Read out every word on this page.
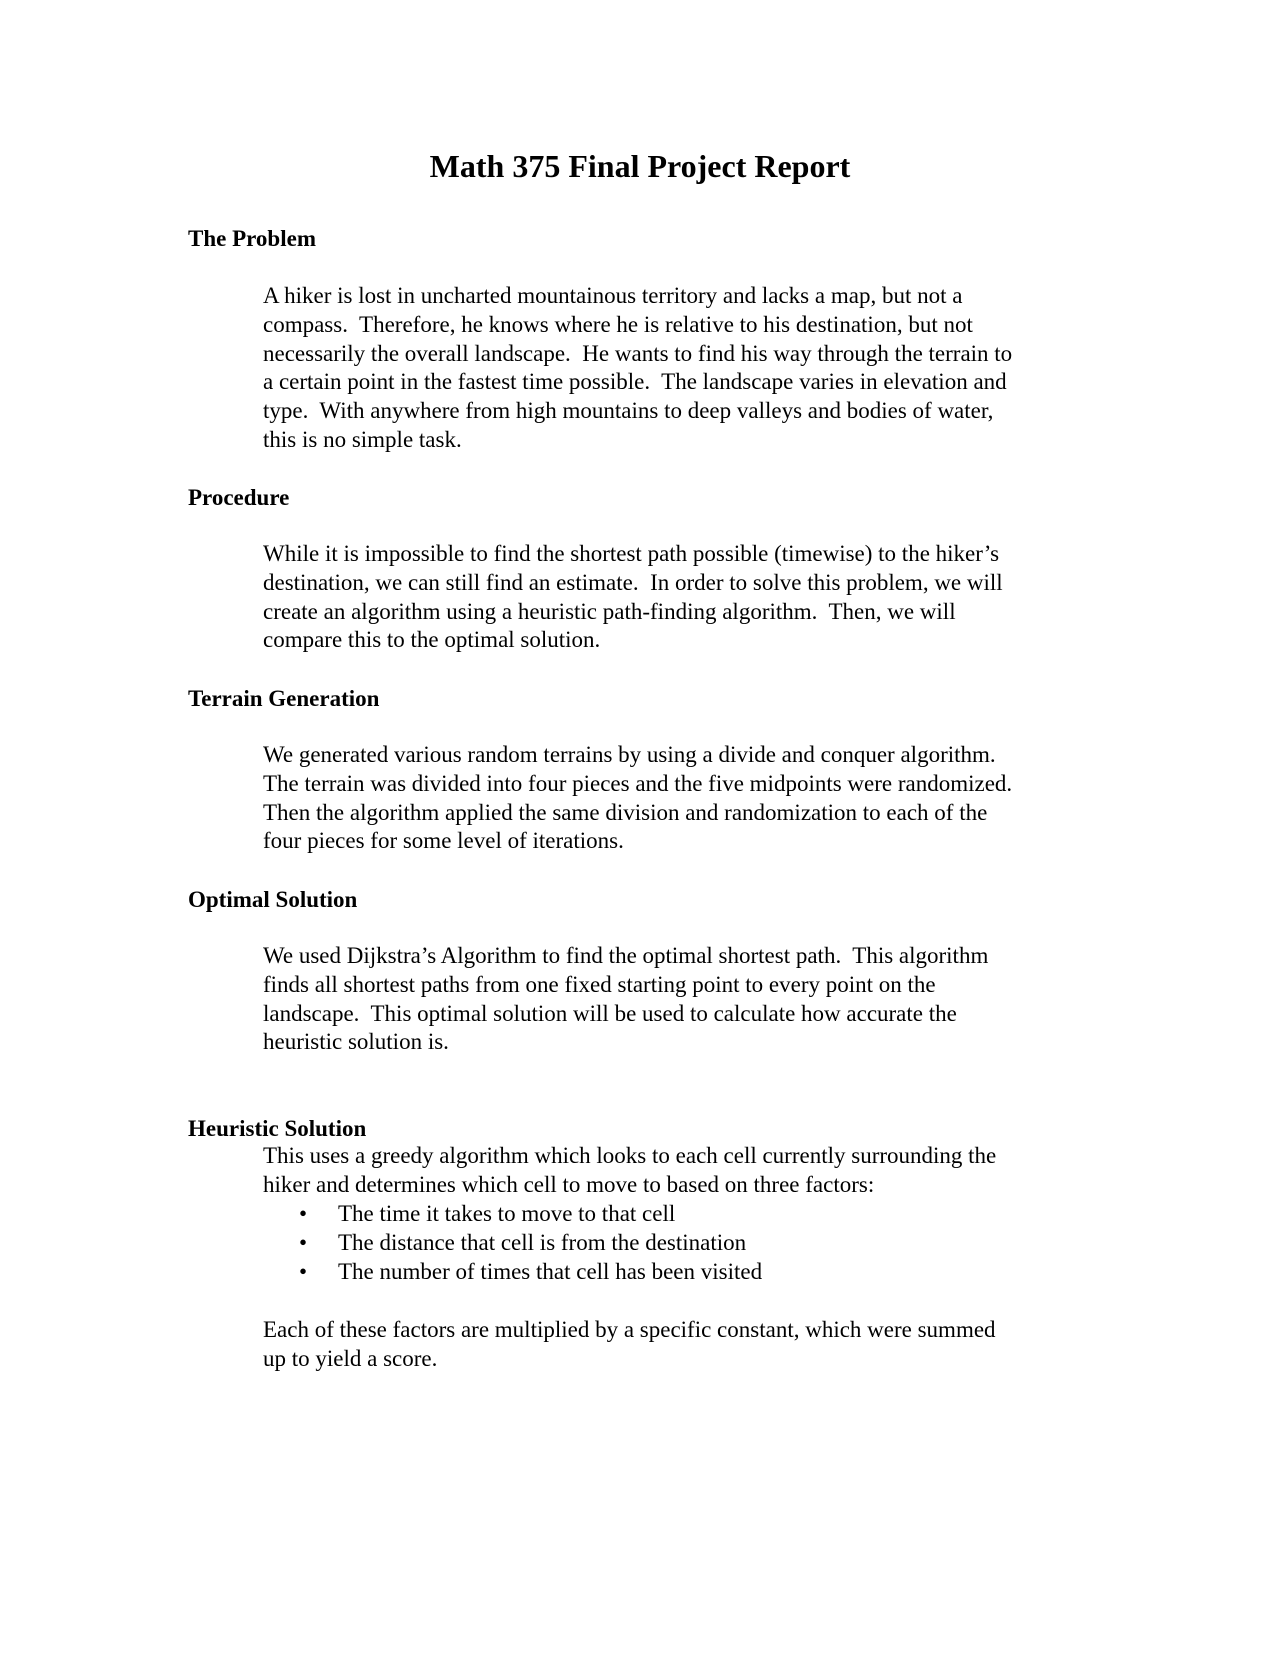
Math 375 Final Project Report
The Problem
A hiker is lost in uncharted mountainous territory and lacks a map, but not a
compass.  Therefore, he knows where he is relative to his destination, but not
necessarily the overall landscape.  He wants to find his way through the terrain to
a certain point in the fastest time possible.  The landscape varies in elevation and
type.  With anywhere from high mountains to deep valleys and bodies of water,
this is no simple task.
Procedure
While it is impossible to find the shortest path possible (timewise) to the hiker’s
destination, we can still find an estimate.  In order to solve this problem, we will
create an algorithm using a heuristic path-finding algorithm.  Then, we will
compare this to the optimal solution.
Terrain Generation
We generated various random terrains by using a divide and conquer algorithm.
The terrain was divided into four pieces and the five midpoints were randomized.
Then the algorithm applied the same division and randomization to each of the
four pieces for some level of iterations.
Optimal Solution
We used Dijkstra’s Algorithm to find the optimal shortest path.  This algorithm
finds all shortest paths from one fixed starting point to every point on the
landscape.  This optimal solution will be used to calculate how accurate the
heuristic solution is.
Heuristic Solution
This uses a greedy algorithm which looks to each cell currently surrounding the
hiker and determines which cell to move to based on three factors:
• The time it takes to move to that cell
• The distance that cell is from the destination
• The number of times that cell has been visited
Each of these factors are multiplied by a specific constant, which were summed
up to yield a score.
